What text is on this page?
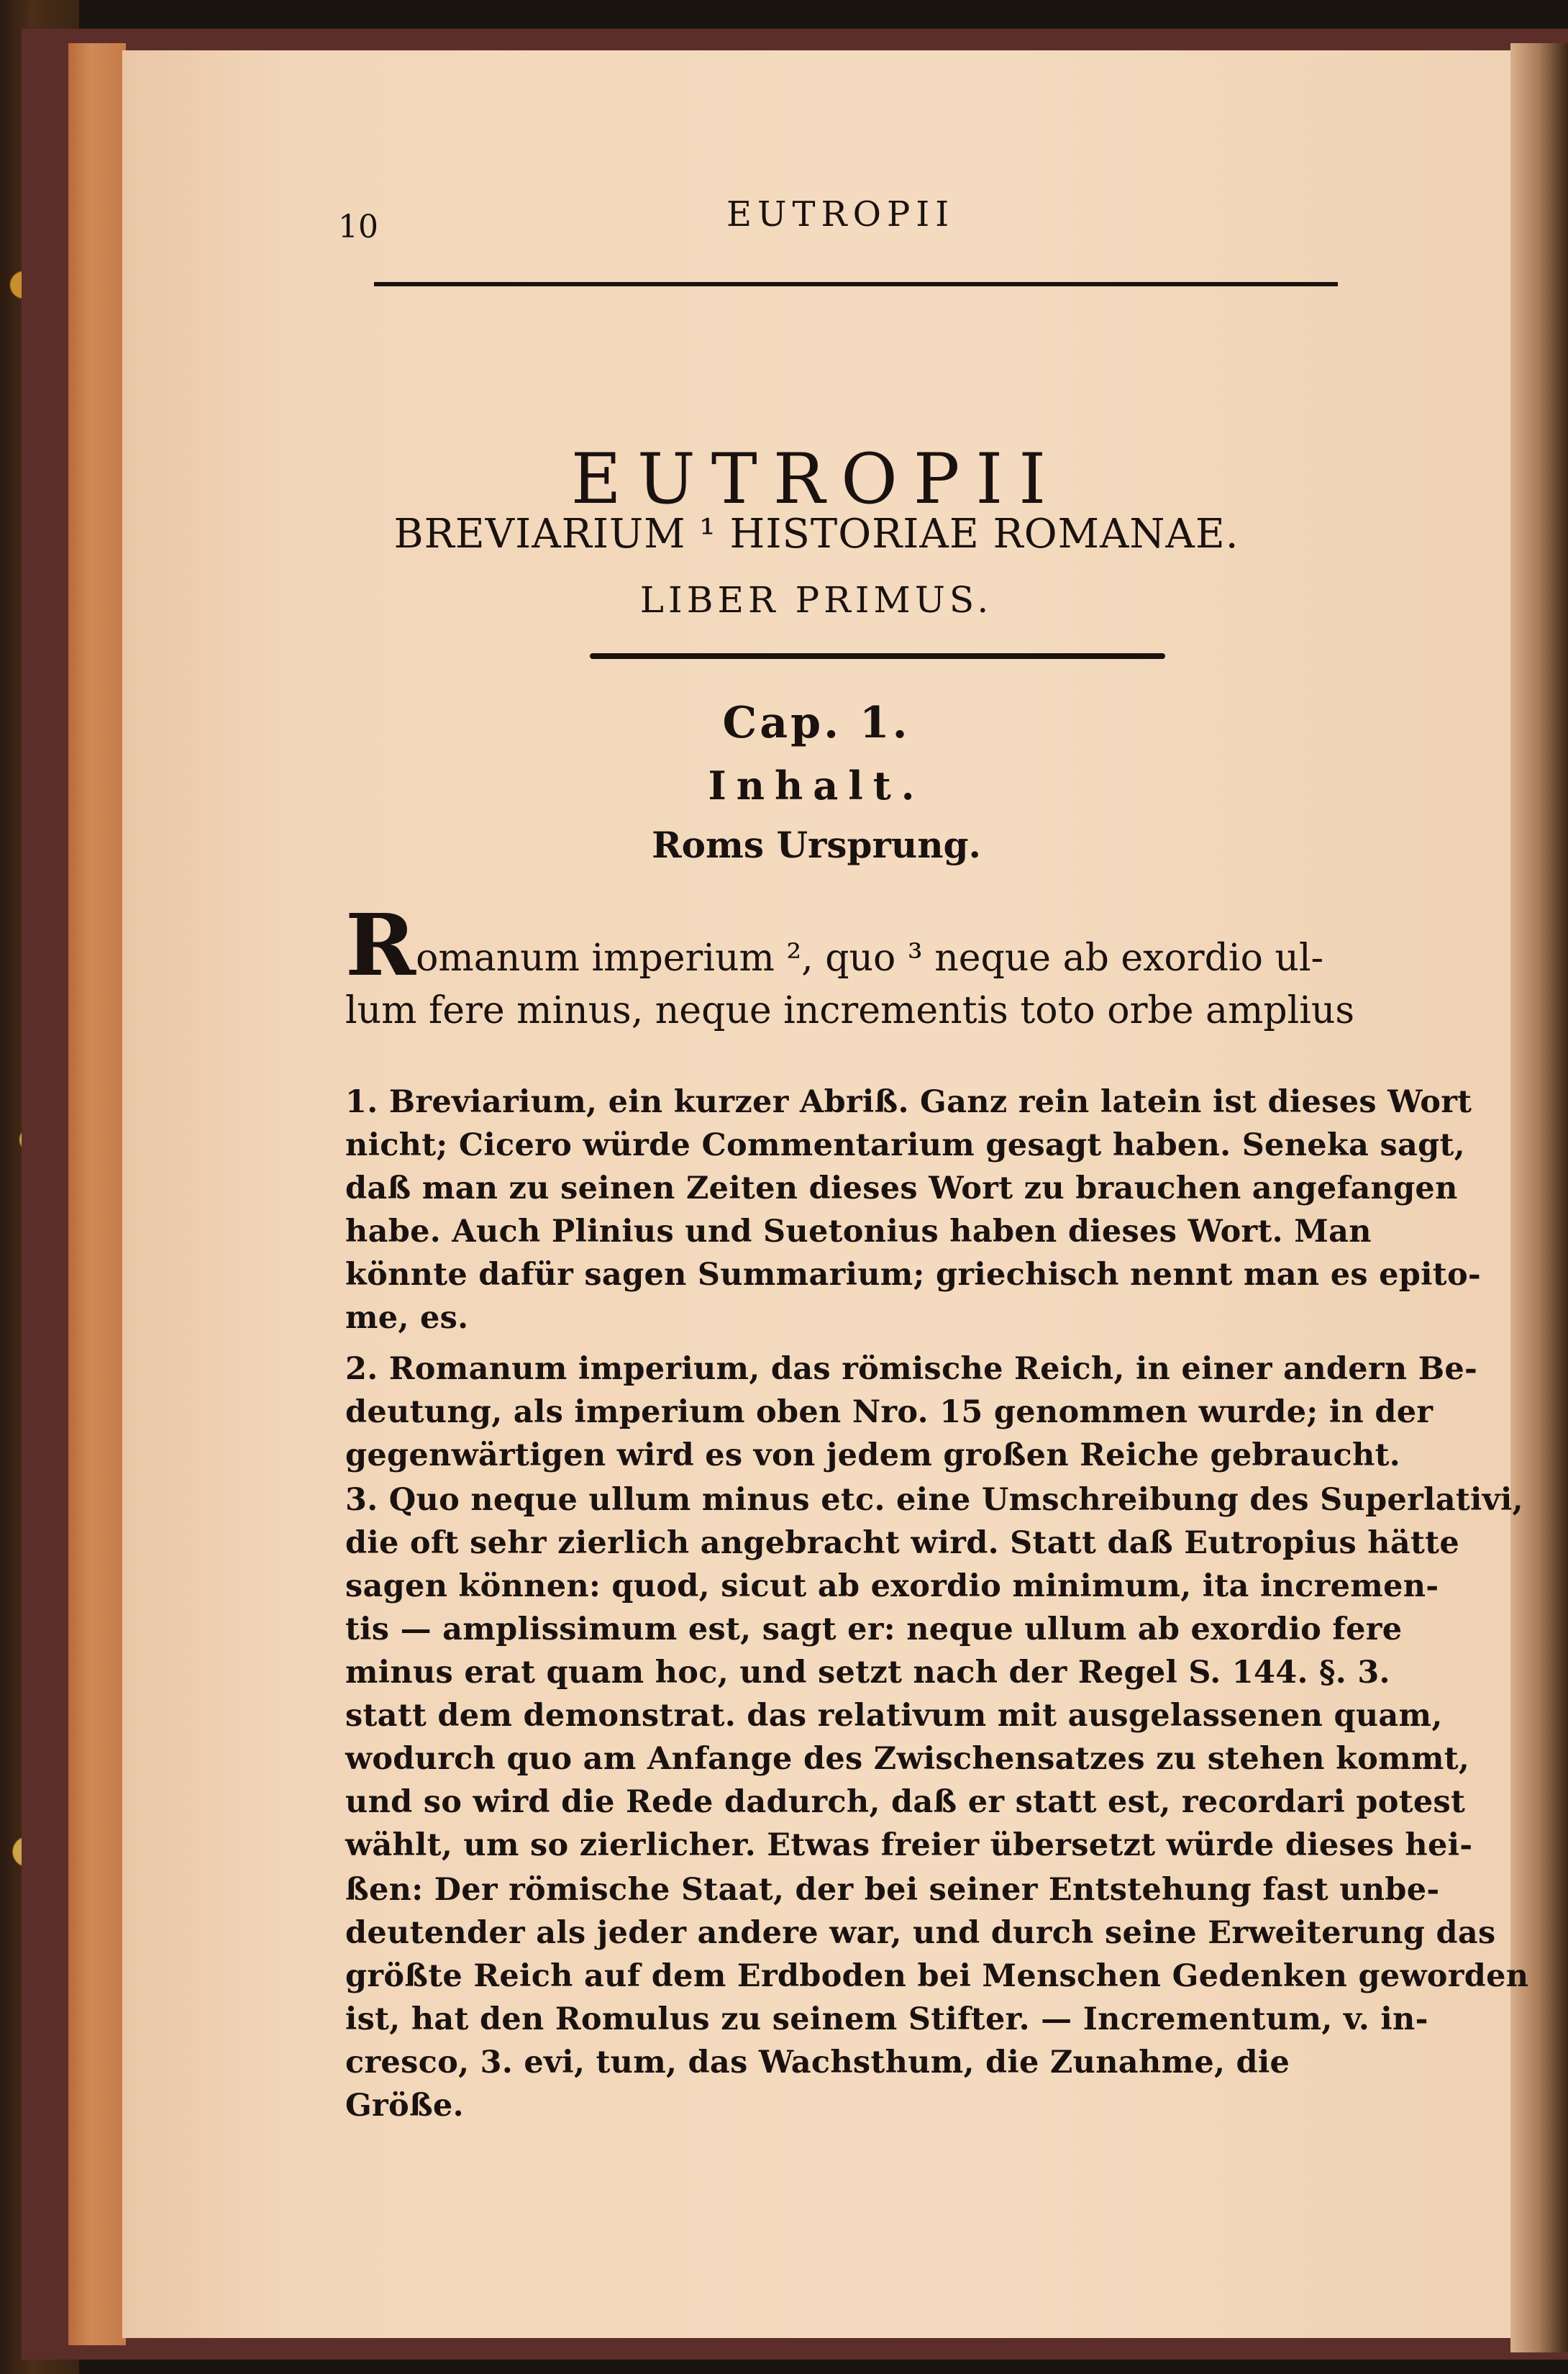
10	EUTROPII
EUTROPII
BREVIARIUM ¹ HISTORIAE ROMANAE.
LIBER PRIMUS.
Cap. 1.
Inhalt.
Roms Ursprung.
Romanum imperium ², quo ³ neque ab exordio ul-
lum fere minus, neque incrementis toto orbe amplius
1. Breviarium, ein kurzer Abriß. Ganz rein latein ist dieses Wort
nicht; Cicero würde Commentarium gesagt haben. Seneka sagt,
daß man zu seinen Zeiten dieses Wort zu brauchen angefangen
habe. Auch Plinius und Suetonius haben dieses Wort. Man
könnte dafür sagen Summarium; griechisch nennt man es epito-
me, es.
2. Romanum imperium, das römische Reich, in einer andern Be-
deutung, als imperium oben Nro. 15 genommen wurde; in der
gegenwärtigen wird es von jedem großen Reiche gebraucht.
3. Quo neque ullum minus etc. eine Umschreibung des Superlativi,
die oft sehr zierlich angebracht wird. Statt daß Eutropius hätte
sagen können: quod, sicut ab exordio minimum, ita incremen-
tis — amplissimum est, sagt er: neque ullum ab exordio fere
minus erat quam hoc, und setzt nach der Regel S. 144. §. 3.
statt dem demonstrat. das relativum mit ausgelassenen quam,
wodurch quo am Anfange des Zwischensatzes zu stehen kommt,
und so wird die Rede dadurch, daß er statt est, recordari potest
wählt, um so zierlicher. Etwas freier übersetzt würde dieses hei-
ßen: Der römische Staat, der bei seiner Entstehung fast unbe-
deutender als jeder andere war, und durch seine Erweiterung das
größte Reich auf dem Erdboden bei Menschen Gedenken geworden
ist, hat den Romulus zu seinem Stifter. — Incrementum, v. in-
cresco, 3. evi, tum, das Wachsthum, die Zunahme, die
Größe.
